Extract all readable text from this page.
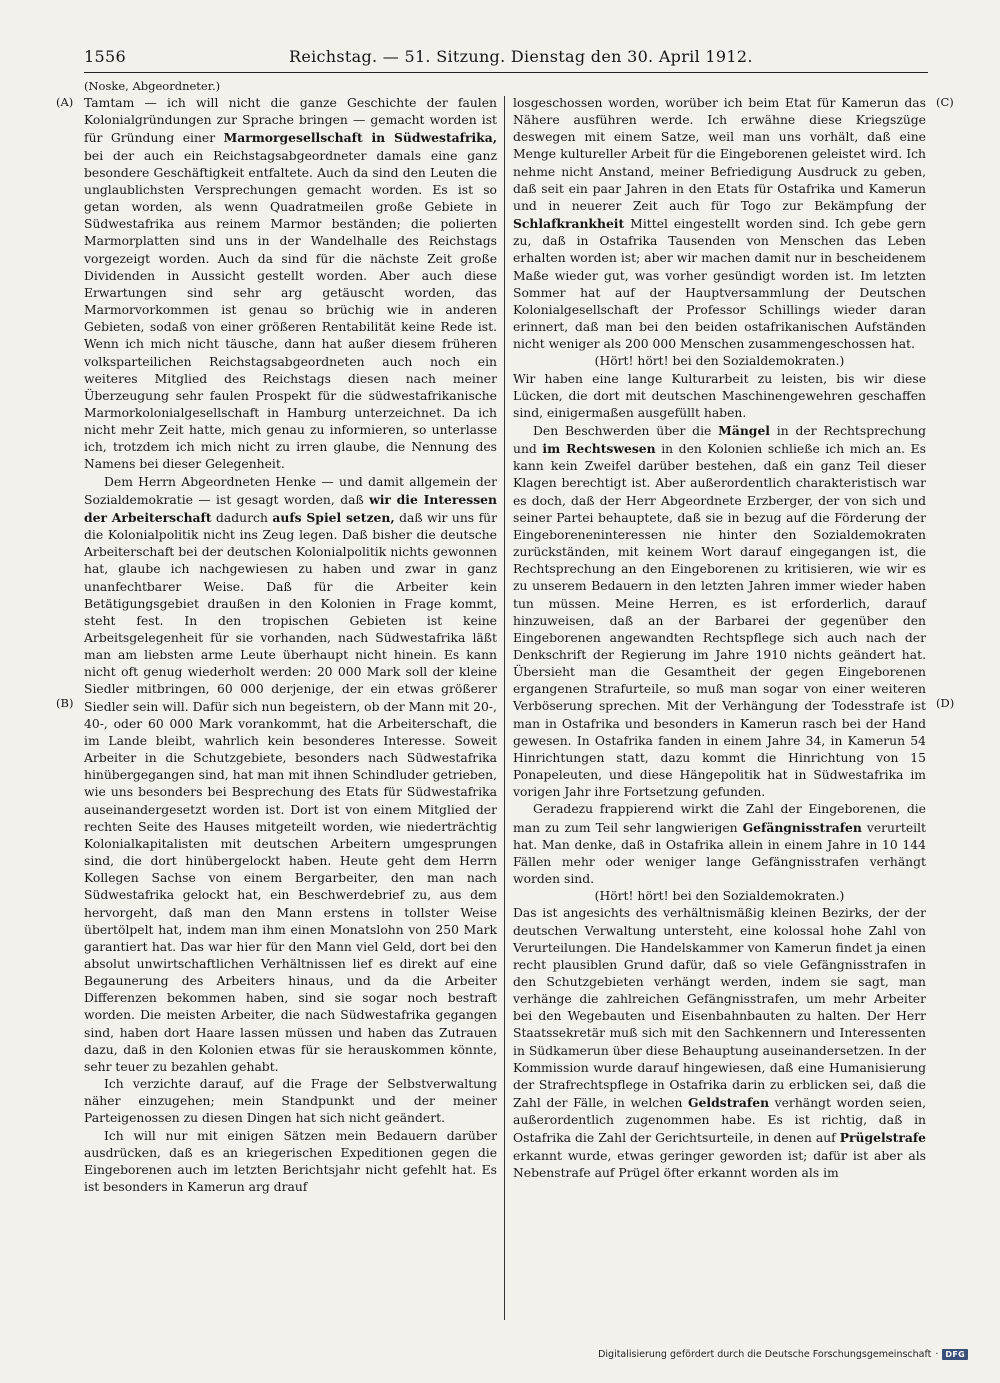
1556	Reichstag. — 51. Sitzung. Dienstag den 30. April 1912.
(A)
(B)
(C)
(D)

(Noske, Abgeordneter.)

Tamtam — ich will nicht die ganze Geschichte der faulen Kolonialgründungen zur Sprache bringen — gemacht worden ist für Gründung einer Marmorgesellschaft in Südwestafrika, bei der auch ein Reichstagsabgeordneter damals eine ganz besondere Geschäftigkeit entfaltete. Auch da sind den Leuten die unglaublichsten Versprechungen gemacht worden. Es ist so getan worden, als wenn Quadratmeilen große Gebiete in Südwestafrika aus reinem Marmor beständen; die polierten Marmorplatten sind uns in der Wandelhalle des Reichstags vorgezeigt worden. Auch da sind für die nächste Zeit große Dividenden in Aussicht gestellt worden. Aber auch diese Erwartungen sind sehr arg getäuscht worden, das Marmorvorkommen ist genau so brüchig wie in anderen Gebieten, sodaß von einer größeren Rentabilität keine Rede ist. Wenn ich mich nicht täusche, dann hat außer diesem früheren volksparteilichen Reichstagsabgeordneten auch noch ein weiteres Mitglied des Reichstags diesen nach meiner Überzeugung sehr faulen Prospekt für die südwestafrikanische Marmorkolonialgesellschaft in Hamburg unterzeichnet. Da ich nicht mehr Zeit hatte, mich genau zu informieren, so unterlasse ich, trotzdem ich mich nicht zu irren glaube, die Nennung des Namens bei dieser Gelegenheit.

Dem Herrn Abgeordneten Henke — und damit allgemein der Sozialdemokratie — ist gesagt worden, daß wir die Interessen der Arbeiterschaft dadurch aufs Spiel setzen, daß wir uns für die Kolonialpolitik nicht ins Zeug legen. Daß bisher die deutsche Arbeiterschaft bei der deutschen Kolonialpolitik nichts gewonnen hat, glaube ich nachgewiesen zu haben und zwar in ganz unanfechtbarer Weise. Daß für die Arbeiter kein Betätigungsgebiet draußen in den Kolonien in Frage kommt, steht fest. In den tropischen Gebieten ist keine Arbeitsgelegenheit für sie vorhanden, nach Südwestafrika läßt man am liebsten arme Leute überhaupt nicht hinein. Es kann nicht oft genug wiederholt werden: 20 000 Mark soll der kleine Siedler mitbringen, 60 000 derjenige, der ein etwas größerer Siedler sein will. Dafür sich nun begeistern, ob der Mann mit 20-, 40-, oder 60 000 Mark vorankommt, hat die Arbeiterschaft, die im Lande bleibt, wahrlich kein besonderes Interesse. Soweit Arbeiter in die Schutzgebiete, besonders nach Südwestafrika hinübergegangen sind, hat man mit ihnen Schindluder getrieben, wie uns besonders bei Besprechung des Etats für Südwestafrika auseinandergesetzt worden ist. Dort ist von einem Mitglied der rechten Seite des Hauses mitgeteilt worden, wie niederträchtig Kolonialkapitalisten mit deutschen Arbeitern umgesprungen sind, die dort hinübergelockt haben. Heute geht dem Herrn Kollegen Sachse von einem Bergarbeiter, den man nach Südwestafrika gelockt hat, ein Beschwerdebrief zu, aus dem hervorgeht, daß man den Mann erstens in tollster Weise übertölpelt hat, indem man ihm einen Monatslohn von 250 Mark garantiert hat. Das war hier für den Mann viel Geld, dort bei den absolut unwirtschaftlichen Verhältnissen lief es direkt auf eine Begaunerung des Arbeiters hinaus, und da die Arbeiter Differenzen bekommen haben, sind sie sogar noch bestraft worden. Die meisten Arbeiter, die nach Südwestafrika gegangen sind, haben dort Haare lassen müssen und haben das Zutrauen dazu, daß in den Kolonien etwas für sie herauskommen könnte, sehr teuer zu bezahlen gehabt.

Ich verzichte darauf, auf die Frage der Selbstverwaltung näher einzugehen; mein Standpunkt und der meiner Parteigenossen zu diesen Dingen hat sich nicht geändert.

Ich will nur mit einigen Sätzen mein Bedauern darüber ausdrücken, daß es an kriegerischen Expeditionen gegen die Eingeborenen auch im letzten Berichtsjahr nicht gefehlt hat. Es ist besonders in Kamerun arg drauf

losgeschossen worden, worüber ich beim Etat für Kamerun das Nähere ausführen werde. Ich erwähne diese Kriegszüge deswegen mit einem Satze, weil man uns vorhält, daß eine Menge kultureller Arbeit für die Eingeborenen geleistet wird. Ich nehme nicht Anstand, meiner Befriedigung Ausdruck zu geben, daß seit ein paar Jahren in den Etats für Ostafrika und Kamerun und in neuerer Zeit auch für Togo zur Bekämpfung der Schlafkrankheit Mittel eingestellt worden sind. Ich gebe gern zu, daß in Ostafrika Tausenden von Menschen das Leben erhalten worden ist; aber wir machen damit nur in bescheidenem Maße wieder gut, was vorher gesündigt worden ist. Im letzten Sommer hat auf der Hauptversammlung der Deutschen Kolonialgesellschaft der Professor Schillings wieder daran erinnert, daß man bei den beiden ostafrikanischen Aufständen nicht weniger als 200 000 Menschen zusammengeschossen hat.

(Hört! hört! bei den Sozialdemokraten.)

Wir haben eine lange Kulturarbeit zu leisten, bis wir diese Lücken, die dort mit deutschen Maschinengewehren geschaffen sind, einigermaßen ausgefüllt haben.

Den Beschwerden über die Mängel in der Rechtsprechung und im Rechtswesen in den Kolonien schließe ich mich an. Es kann kein Zweifel darüber bestehen, daß ein ganz Teil dieser Klagen berechtigt ist. Aber außerordentlich charakteristisch war es doch, daß der Herr Abgeordnete Erzberger, der von sich und seiner Partei behauptete, daß sie in bezug auf die Förderung der Eingeboreneninteressen nie hinter den Sozialdemokraten zurückständen, mit keinem Wort darauf eingegangen ist, die Rechtsprechung an den Eingeborenen zu kritisieren, wie wir es zu unserem Bedauern in den letzten Jahren immer wieder haben tun müssen. Meine Herren, es ist erforderlich, darauf hinzuweisen, daß an der Barbarei der gegenüber den Eingeborenen angewandten Rechtspflege sich auch nach der Denkschrift der Regierung im Jahre 1910 nichts geändert hat. Übersieht man die Gesamtheit der gegen Eingeborenen ergangenen Strafurteile, so muß man sogar von einer weiteren Verböserung sprechen. Mit der Verhängung der Todesstrafe ist man in Ostafrika und besonders in Kamerun rasch bei der Hand gewesen. In Ostafrika fanden in einem Jahre 34, in Kamerun 54 Hinrichtungen statt, dazu kommt die Hinrichtung von 15 Ponapeleuten, und diese Hängepolitik hat in Südwestafrika im vorigen Jahr ihre Fortsetzung gefunden.

Geradezu frappierend wirkt die Zahl der Eingeborenen, die man zu zum Teil sehr langwierigen Gefängnisstrafen verurteilt hat. Man denke, daß in Ostafrika allein in einem Jahre in 10 144 Fällen mehr oder weniger lange Gefängnisstrafen verhängt worden sind.

(Hört! hört! bei den Sozialdemokraten.)

Das ist angesichts des verhältnismäßig kleinen Bezirks, der der deutschen Verwaltung untersteht, eine kolossal hohe Zahl von Verurteilungen. Die Handelskammer von Kamerun findet ja einen recht plausiblen Grund dafür, daß so viele Gefängnisstrafen in den Schutzgebieten verhängt werden, indem sie sagt, man verhänge die zahlreichen Gefängnisstrafen, um mehr Arbeiter bei den Wegebauten und Eisenbahnbauten zu halten. Der Herr Staatssekretär muß sich mit den Sachkennern und Interessenten in Südkamerun über diese Behauptung auseinandersetzen. In der Kommission wurde darauf hingewiesen, daß eine Humanisierung der Strafrechtspflege in Ostafrika darin zu erblicken sei, daß die Zahl der Fälle, in welchen Geldstrafen verhängt worden seien, außerordentlich zugenommen habe. Es ist richtig, daß in Ostafrika die Zahl der Gerichtsurteile, in denen auf Prügelstrafe erkannt wurde, etwas geringer geworden ist; dafür ist aber als Nebenstrafe auf Prügel öfter erkannt worden als im

Digitalisierung gefördert durch die Deutsche Forschungsgemeinschaft · DFG
